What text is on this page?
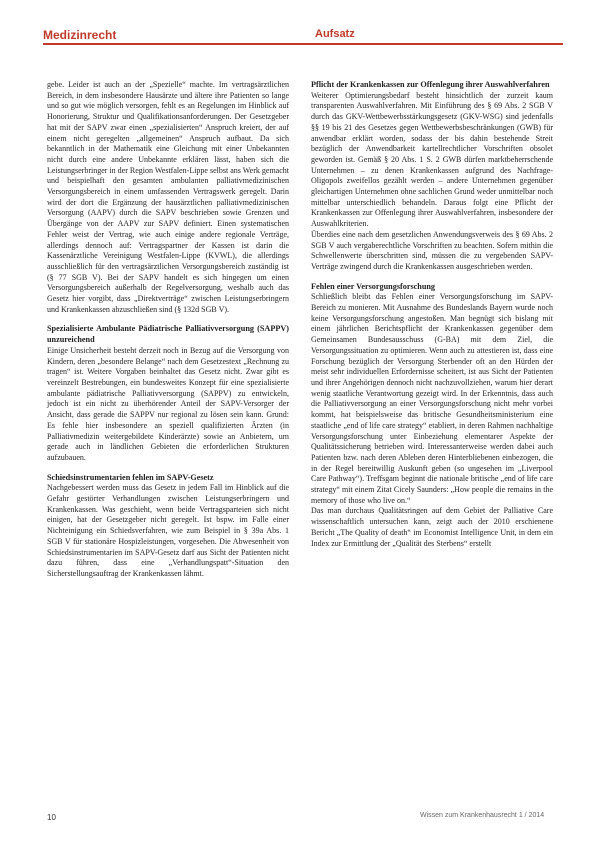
Medizinrecht	Aufsatz

gebe. Leider ist auch an der „Spezielle“ machte. Im vertragsärztlichen Bereich, in dem insbesondere Hausärzte und ältere ihre Patienten so lange und so gut wie möglich versorgen, fehlt es an Regelungen im Hinblick auf Honorierung, Struktur und Qualifikationsanforderungen. Der Gesetzgeber hat mit der SAPV zwar einen „spezialisierten“ Anspruch kreiert, der auf einem nicht geregelten „allgemeinen“ Anspruch aufbaut. Da sich bekanntlich in der Mathematik eine Gleichung mit einer Unbekannten nicht durch eine andere Unbekannte erklären lässt, haben sich die Leistungserbringer in der Region Westfalen-Lippe selbst ans Werk gemacht und beispielhaft den gesamten ambulanten palliativmedizinischen Versorgungsbereich in einem umfassenden Vertragswerk geregelt. Darin wird der dort die Ergänzung der hausärztlichen palliativmedizinischen Versorgung (AAPV) durch die SAPV beschrieben sowie Grenzen und Übergänge von der AAPV zur SAPV definiert. Einen systematischen Fehler weist der Vertrag, wie auch einige andere regionale Verträge, allerdings dennoch auf: Vertragspartner der Kassen ist darin die Kassenärztliche Vereinigung Westfalen-Lippe (KVWL), die allerdings ausschließlich für den vertragsärztlichen Versorgungsbereich zuständig ist (§ 77 SGB V). Bei der SAPV handelt es sich hingegen um einen Versorgungsbereich außerhalb der Regelversorgung, weshalb auch das Gesetz hier vorgibt, dass „Direktverträge“ zwischen Leistungserbringern und Krankenkassen abzuschließen sind (§ 132d SGB V).

Spezialisierte Ambulante Pädiatrische Palliativversorgung (SAPPV) unzureichend

Einige Unsicherheit besteht derzeit noch in Bezug auf die Versorgung von Kindern, deren „besondere Belange“ nach dem Gesetzestext „Rechnung zu tragen“ ist. Weitere Vorgaben beinhaltet das Gesetz nicht. Zwar gibt es vereinzelt Bestrebungen, ein bundesweites Konzept für eine spezialisierte ambulante pädiatrische Palliativversorgung (SAPPV) zu entwickeln, jedoch ist ein nicht zu überhörender Anteil der SAPV-Versorger der Ansicht, dass gerade die SAPPV nur regional zu lösen sein kann. Grund: Es fehle hier insbesondere an speziell qualifizierten Ärzten (in Palliativmedizin weitergebildete Kinderärzte) sowie an Anbietern, um gerade auch in ländlichen Gebieten die erforderlichen Strukturen aufzubauen.

Schiedsinstrumentarien fehlen im SAPV-Gesetz

Nachgebessert werden muss das Gesetz in jedem Fall im Hinblick auf die Gefahr gestörter Verhandlungen zwischen Leistungserbringern und Krankenkassen. Was geschieht, wenn beide Vertragsparteien sich nicht einigen, hat der Gesetzgeber nicht geregelt. Ist bspw. im Falle einer Nichteinigung ein Schiedsverfahren, wie zum Beispiel in § 39a Abs. 1 SGB V für stationäre Hospizleistungen, vorgesehen. Die Abwesenheit von Schiedsinstrumentarien im SAPV-Gesetz darf aus Sicht der Patienten nicht dazu führen, dass eine „Verhandlungspatt“-Situation den Sicherstellungsauftrag der Krankenkassen lähmt.

Pflicht der Krankenkassen zur Offenlegung ihrer Auswahlverfahren

Weiterer Optimierungsbedarf besteht hinsichtlich der zurzeit kaum transparenten Auswahlverfahren. Mit Einführung des § 69 Abs. 2 SGB V durch das GKV-Wettbewerbsstärkungsgesetz (GKV-WSG) sind jedenfalls §§ 19 bis 21 des Gesetzes gegen Wettbewerbsbeschränkungen (GWB) für anwendbar erklärt worden, sodass der bis dahin bestehende Streit bezüglich der Anwendbarkeit kartellrechtlicher Vorschriften obsolet geworden ist. Gemäß § 20 Abs. 1 S. 2 GWB dürfen marktbeherrschende Unternehmen – zu denen Krankenkassen aufgrund des Nachfrage-Oligopols zweifellos gezählt werden – andere Unternehmen gegenüber gleichartigen Unternehmen ohne sachlichen Grund weder unmittelbar noch mittelbar unterschiedlich behandeln. Daraus folgt eine Pflicht der Krankenkassen zur Offenlegung ihrer Auswahlverfahren, insbesondere der Auswahlkriterien.

Überdies eine nach dem gesetzlichen Anwendungsverweis des § 69 Abs. 2 SGB V auch vergaberechtliche Vorschriften zu beachten. Sofern mithin die Schwellenwerte überschritten sind, müssen die zu vergebenden SAPV-Verträge zwingend durch die Krankenkassen ausgeschrieben werden.

Fehlen einer Versorgungsforschung

Schließlich bleibt das Fehlen einer Versorgungsforschung im SAPV-Bereich zu monieren. Mit Ausnahme des Bundeslands Bayern wurde noch keine Versorgungsforschung angestoßen. Man begnügt sich bislang mit einem jährlichen Berichtspflicht der Krankenkassen gegenüber dem Gemeinsamen Bundesausschuss (G-BA) mit dem Ziel, die Versorgungssituation zu optimieren. Wenn auch zu attestieren ist, dass eine Forschung bezüglich der Versorgung Sterbender oft an den Hürden der meist sehr individuellen Erfordernisse scheitert, ist aus Sicht der Patienten und ihrer Angehörigen dennoch nicht nachzuvollziehen, warum hier derart wenig staatliche Verantwortung gezeigt wird. In der Erkenntnis, dass auch die Palliativversorgung an einer Versorgungsforschung nicht mehr vorbei kommt, hat beispielsweise das britische Gesundheitsministerium eine staatliche „end of life care strategy“ etabliert, in deren Rahmen nachhaltige Versorgungsforschung unter Einbeziehung elementarer Aspekte der Qualitätssicherung betrieben wird. Interessanterweise werden dabei auch Patienten bzw. nach deren Ableben deren Hinterbliebenen einbezogen, die in der Regel bereitwillig Auskunft geben (so ungesehen im „Liverpool Care Pathway“). Treffsgam beginnt die nationale britische „end of life care strategy“ mit einem Zitat Cicely Saunders: „How people die remains in the memory of those who live on.“

Das man durchaus Qualitätsringen auf dem Gebiet der Palliative Care wissenschaftlich untersuchen kann, zeigt auch der 2010 erschienene Bericht „The Quality of death“ im Economist Intelligence Unit, in dem ein Index zur Ermittlung der „Qualität des Sterbens“ erstellt

10	Wissen zum Krankenhausrecht 1 / 2014
